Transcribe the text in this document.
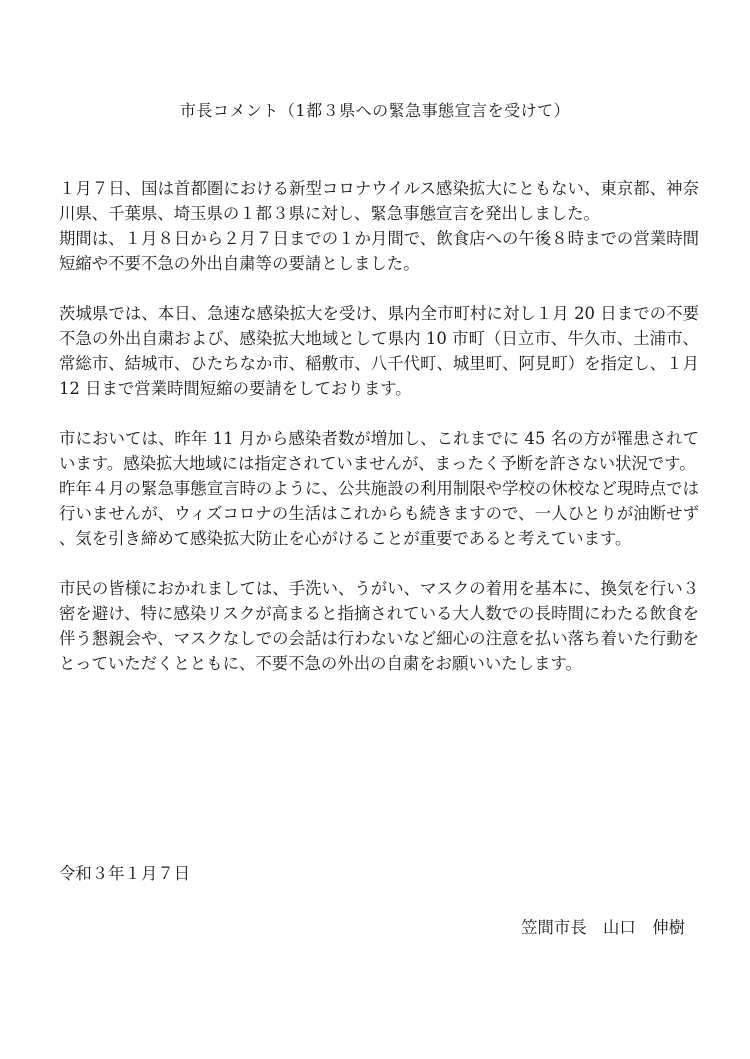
市長コメント（1都３県への緊急事態宣言を受けて）

１月７日、国は首都圏における新型コロナウイルス感染拡大にともない、東京都、神奈川県、千葉県、埼玉県の１都３県に対し、緊急事態宣言を発出しました。

期間は、１月８日から２月７日までの１か月間で、飲食店への午後８時までの営業時間短縮や不要不急の外出自粛等の要請としました。

茨城県では、本日、急速な感染拡大を受け、県内全市町村に対し１月 20 日までの不要不急の外出自粛および、感染拡大地域として県内 10 市町（日立市、牛久市、土浦市、常総市、結城市、ひたちなか市、稲敷市、八千代町、城里町、阿見町）を指定し、１月 12 日まで営業時間短縮の要請をしております。

市においては、昨年 11 月から感染者数が増加し、これまでに 45 名の方が罹患されています。感染拡大地域には指定されていませんが、まったく予断を許さない状況です。

昨年４月の緊急事態宣言時のように、公共施設の利用制限や学校の休校など現時点では行いませんが、ウィズコロナの生活はこれからも続きますので、一人ひとりが油断せず、気を引き締めて感染拡大防止を心がけることが重要であると考えています。

市民の皆様におかれましては、手洗い、うがい、マスクの着用を基本に、換気を行い３密を避け、特に感染リスクが高まると指摘されている大人数での長時間にわたる飲食を伴う懇親会や、マスクなしでの会話は行わないなど細心の注意を払い落ち着いた行動をとっていただくとともに、不要不急の外出の自粛をお願いいたします。

令和３年１月７日

笠間市長　山口　伸樹
